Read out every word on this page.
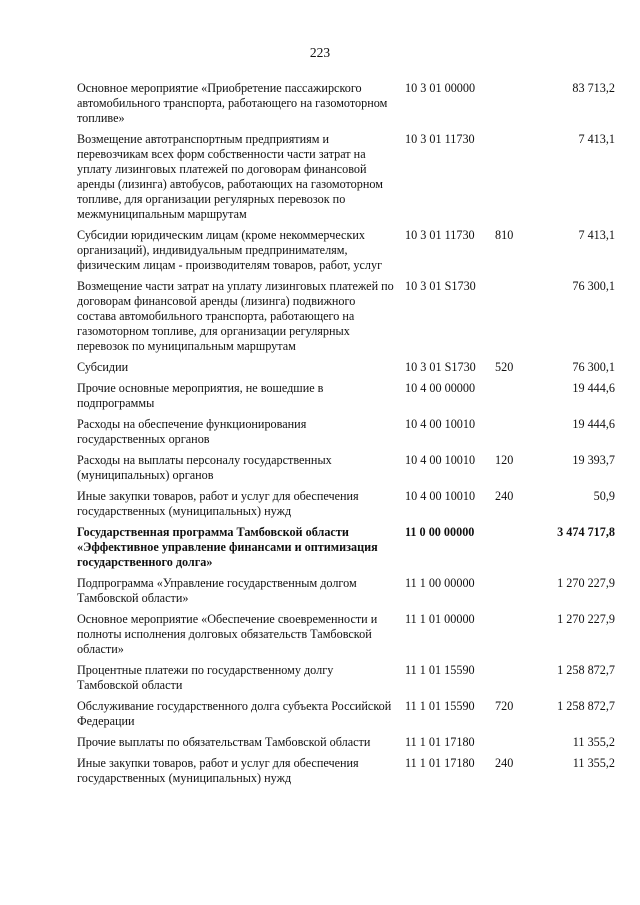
223
Основное мероприятие «Приобретение пассажирского автомобильного транспорта, работающего на газомоторном топливе»
10 3 01 00000	83 713,2
Возмещение автотранспортным предприятиям и перевозчикам всех форм собственности части затрат на уплату лизинговых платежей по договорам финансовой аренды (лизинга) автобусов, работающих на газомоторном топливе, для организации регулярных перевозок по межмуниципальным маршрутам
10 3 01 11730	7 413,1
Субсидии юридическим лицам (кроме некоммерческих организаций), индивидуальным предпринимателям, физическим лицам - производителям товаров, работ, услуг
10 3 01 11730	810	7 413,1
Возмещение части затрат на уплату лизинговых платежей по договорам финансовой аренды (лизинга) подвижного состава автомобильного транспорта, работающего на газомоторном топливе, для организации регулярных перевозок по муниципальным маршрутам
10 3 01 S1730	76 300,1
Субсидии	10 3 01 S1730	520	76 300,1
Прочие основные мероприятия, не вошедшие в подпрограммы
10 4 00 00000	19 444,6
Расходы на обеспечение функционирования государственных органов
10 4 00 10010	19 444,6
Расходы на выплаты персоналу государственных (муниципальных) органов
10 4 00 10010	120	19 393,7
Иные закупки товаров, работ и услуг для обеспечения государственных (муниципальных) нужд
10 4 00 10010	240	50,9
Государственная программа Тамбовской области «Эффективное управление финансами и оптимизация государственного долга»
11 0 00 00000	3 474 717,8
Подпрограмма «Управление государственным долгом Тамбовской области»
11 1 00 00000	1 270 227,9
Основное мероприятие «Обеспечение своевременности и полноты исполнения долговых обязательств Тамбовской области»
11 1 01 00000	1 270 227,9
Процентные платежи по государственному долгу Тамбовской области
11 1 01 15590	1 258 872,7
Обслуживание государственного долга субъекта Российской Федерации
11 1 01 15590	720	1 258 872,7
Прочие выплаты по обязательствам Тамбовской области	11 1 01 17180	11 355,2
Иные закупки товаров, работ и услуг для обеспечения государственных (муниципальных) нужд
11 1 01 17180	240	11 355,2
